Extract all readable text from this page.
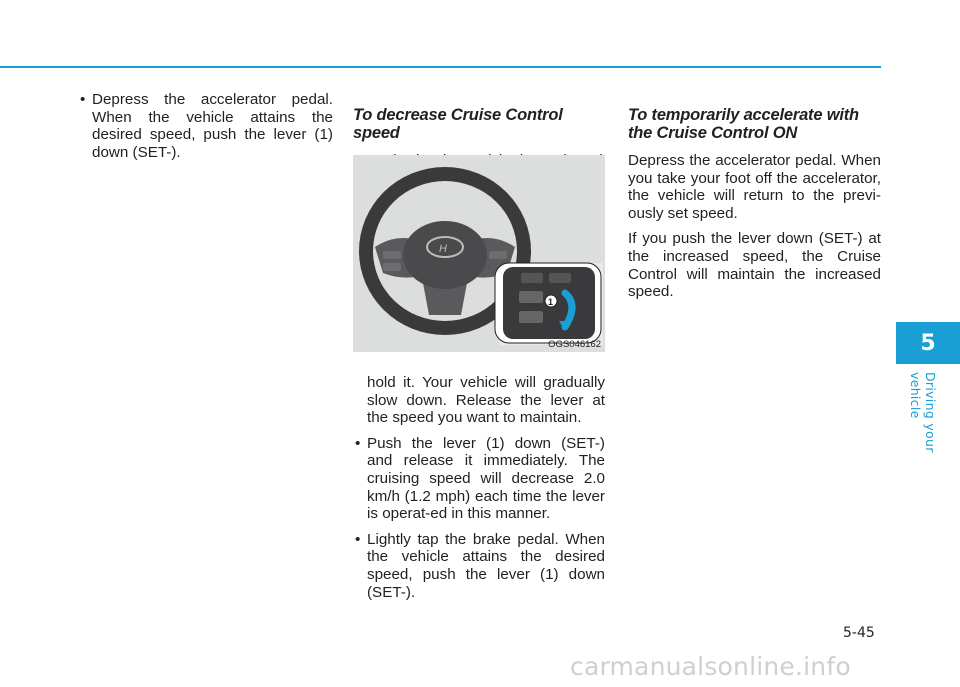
• Depress the accelerator pedal. When the vehicle attains the desired speed, push the lever (1) down (SET-).

To decrease Cruise Control speed

•

H
1
OGS046162

hold it. Your vehicle will gradually slow down. Release the lever at the speed you want to maintain.

• Push the lever (1) down (SET-) and release it immediately. The cruising speed will decrease 2.0 km/h (1.2 mph) each time the lever is operat-ed in this manner.

• Lightly tap the brake pedal. When the vehicle attains the desired speed, push the lever (1) down (SET-).

To temporarily accelerate with the Cruise Control ON

Depress the accelerator pedal. When you take your foot off the accelerator, the vehicle will return to the previ-ously set speed.

If you push the lever down (SET-) at the increased speed, the Cruise Control will maintain the increased speed.

5
Driving your vehicle
5-45
carmanualsonline.info
